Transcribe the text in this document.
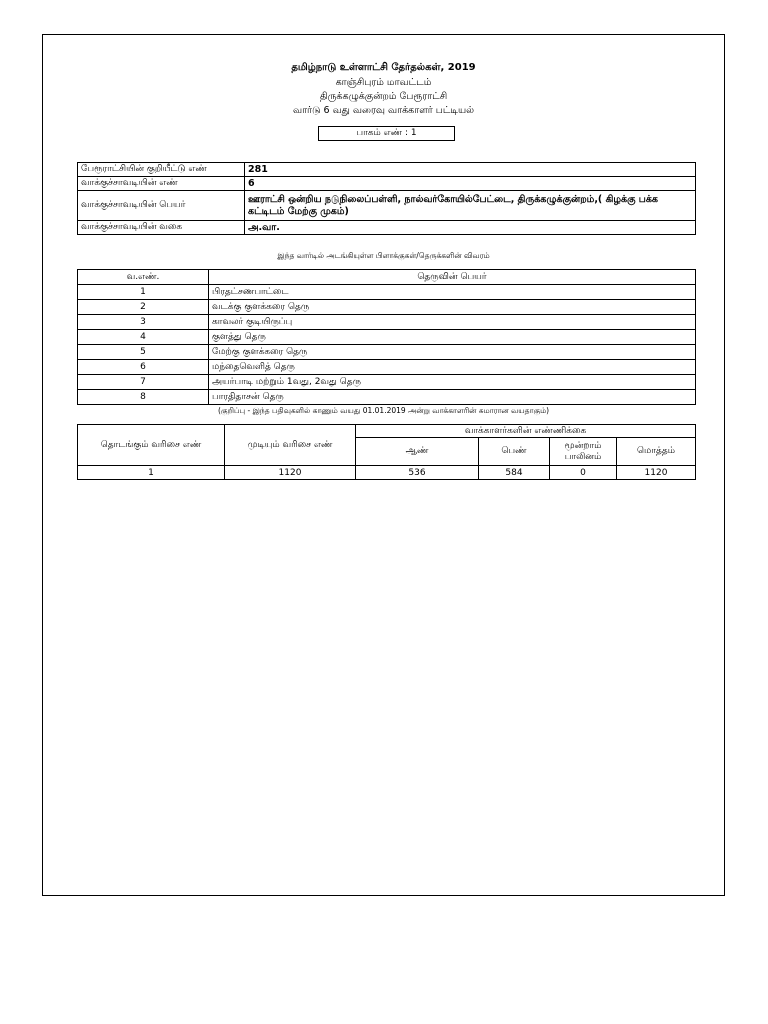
தமிழ்நாடு உள்ளாட்சி தேர்தல்கள், 2019
காஞ்சிபுரம் மாவட்டம்
திருக்கழுக்குன்றம் பேரூராட்சி
வார்டு 6 வது வரைவு வாக்காளர் பட்டியல்
பாகம் எண் : 1
பேரூராட்சியின் குறியீட்டு எண்	281
வாக்குச்சாவடியின் எண்	6
வாக்குச்சாவடியின் பெயர்	ஊராட்சி ஒன்றிய நடுநிலைப்பள்ளி, நால்வர்கோயில்பேட்டை, திருக்கழுக்குன்றம்,( கிழக்கு பக்க கட்டிடம் மேற்கு முகம்)
வாக்குச்சாவடியின் வகை	அ.வா.
இந்த வார்டில் அடங்கியுள்ள பிளாக்குகள்/தெருக்களின் விவரம்
வ.எண்.	தெருவின் பெயர்
1	பிரதட்சணபாட்டை
2	வடக்கு குளக்கரை தெரு
3	காவலர் குடியிருப்பு
4	குளத்து தெரு
5	மேற்கு குளக்கரை தெரு
6	மந்தைவெளித் தெரு
7	அயர்பாடி மற்றும் 1வது, 2வது தெரு
8	பாரதிதாசன் தெரு
(குறிப்பு - இந்த பதிவுகளில் காணும் வயது 01.01.2019 அன்று வாக்காளரின் சுமாரான வயதாகும்)
தொடங்கும் வரிசை எண்	முடியும் வரிசை எண்	வாக்காளர்களின் எண்ணிக்கை			
		ஆண்	பெண்	மூன்றாம் பாலினம்	மொத்தம்
1	1120	536	584	0	1120
